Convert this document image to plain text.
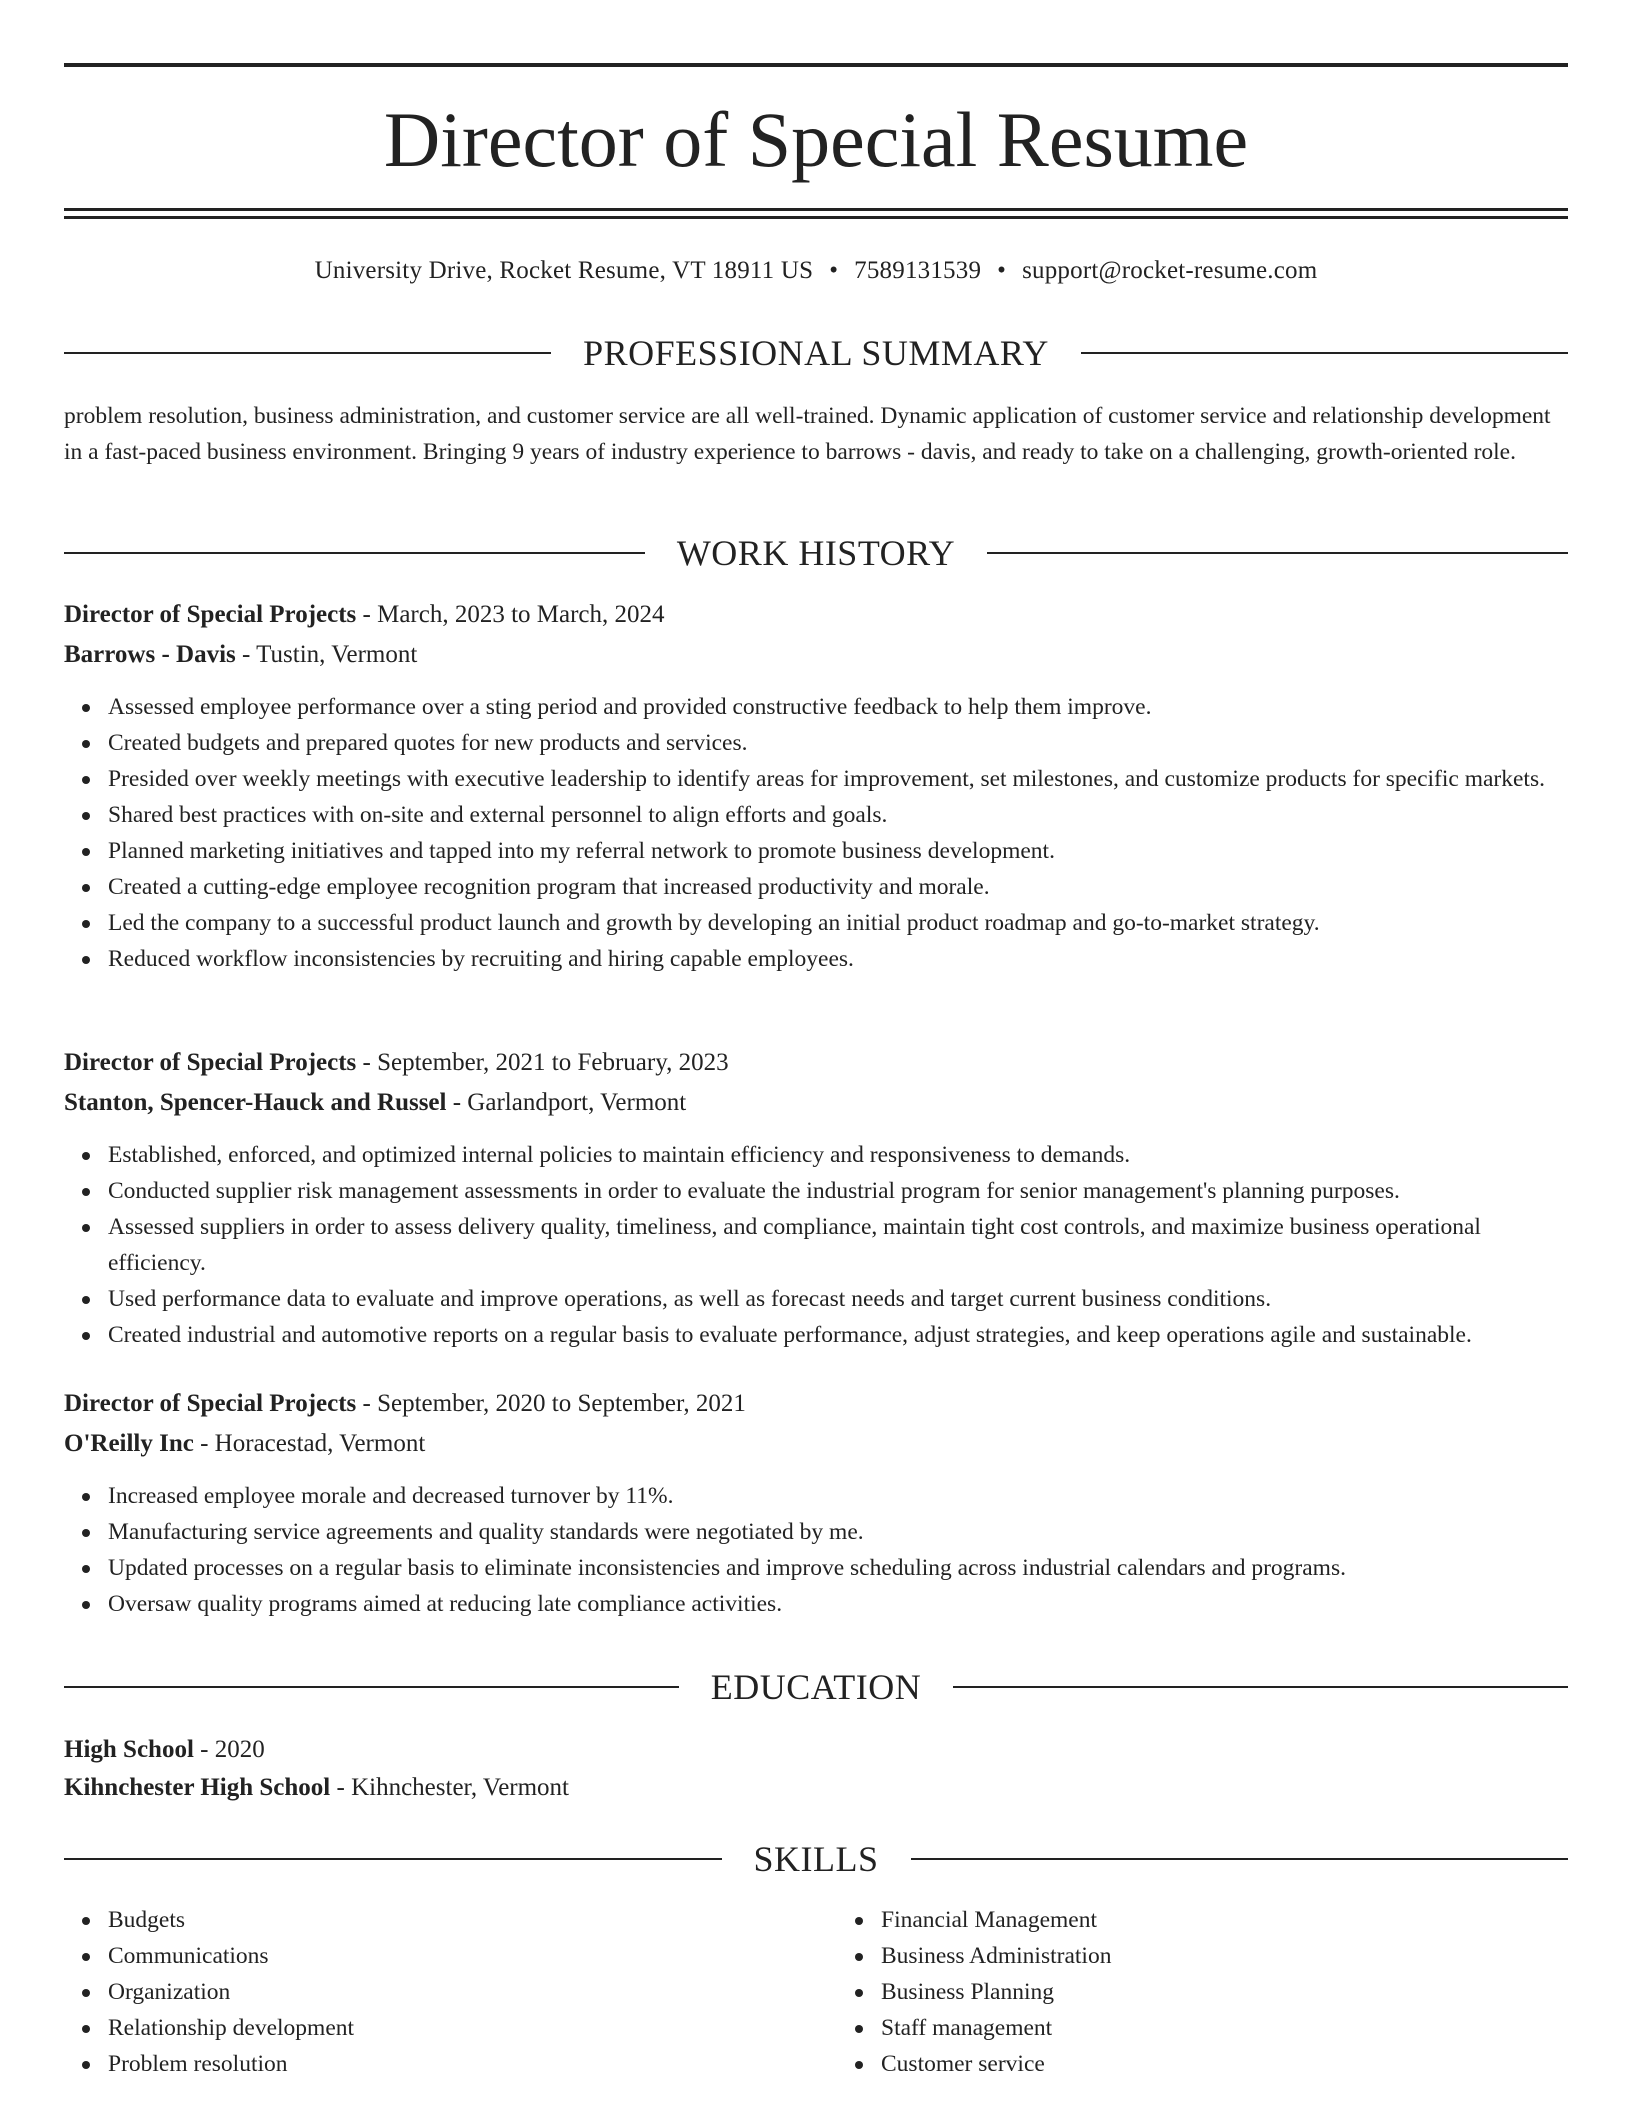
Director of Special Resume
University Drive, Rocket Resume, VT 18911 US • 7589131539 • support@rocket-resume.com
PROFESSIONAL SUMMARY

problem resolution, business administration, and customer service are all well-trained. Dynamic application of customer service and relationship development in a fast-paced business environment. Bringing 9 years of industry experience to barrows - davis, and ready to take on a challenging, growth-oriented role.

WORK HISTORY
Director of Special Projects - March, 2023 to March, 2024
Barrows - Davis - Tustin, Vermont
Assessed employee performance over a sting period and provided constructive feedback to help them improve.
Created budgets and prepared quotes for new products and services.
Presided over weekly meetings with executive leadership to identify areas for improvement, set milestones, and customize products for specific markets.
Shared best practices with on-site and external personnel to align efforts and goals.
Planned marketing initiatives and tapped into my referral network to promote business development.
Created a cutting-edge employee recognition program that increased productivity and morale.
Led the company to a successful product launch and growth by developing an initial product roadmap and go-to-market strategy.
Reduced workflow inconsistencies by recruiting and hiring capable employees.
Director of Special Projects - September, 2021 to February, 2023
Stanton, Spencer-Hauck and Russel - Garlandport, Vermont
Established, enforced, and optimized internal policies to maintain efficiency and responsiveness to demands.
Conducted supplier risk management assessments in order to evaluate the industrial program for senior management's planning purposes.
Assessed suppliers in order to assess delivery quality, timeliness, and compliance, maintain tight cost controls, and maximize business operational efficiency.
Used performance data to evaluate and improve operations, as well as forecast needs and target current business conditions.
Created industrial and automotive reports on a regular basis to evaluate performance, adjust strategies, and keep operations agile and sustainable.
Director of Special Projects - September, 2020 to September, 2021
O'Reilly Inc - Horacestad, Vermont
Increased employee morale and decreased turnover by 11%.
Manufacturing service agreements and quality standards were negotiated by me.
Updated processes on a regular basis to eliminate inconsistencies and improve scheduling across industrial calendars and programs.
Oversaw quality programs aimed at reducing late compliance activities.
EDUCATION
High School - 2020
Kihnchester High School - Kihnchester, Vermont
SKILLS
Budgets
Communications
Organization
Relationship development
Problem resolution
Financial Management
Business Administration
Business Planning
Staff management
Customer service
